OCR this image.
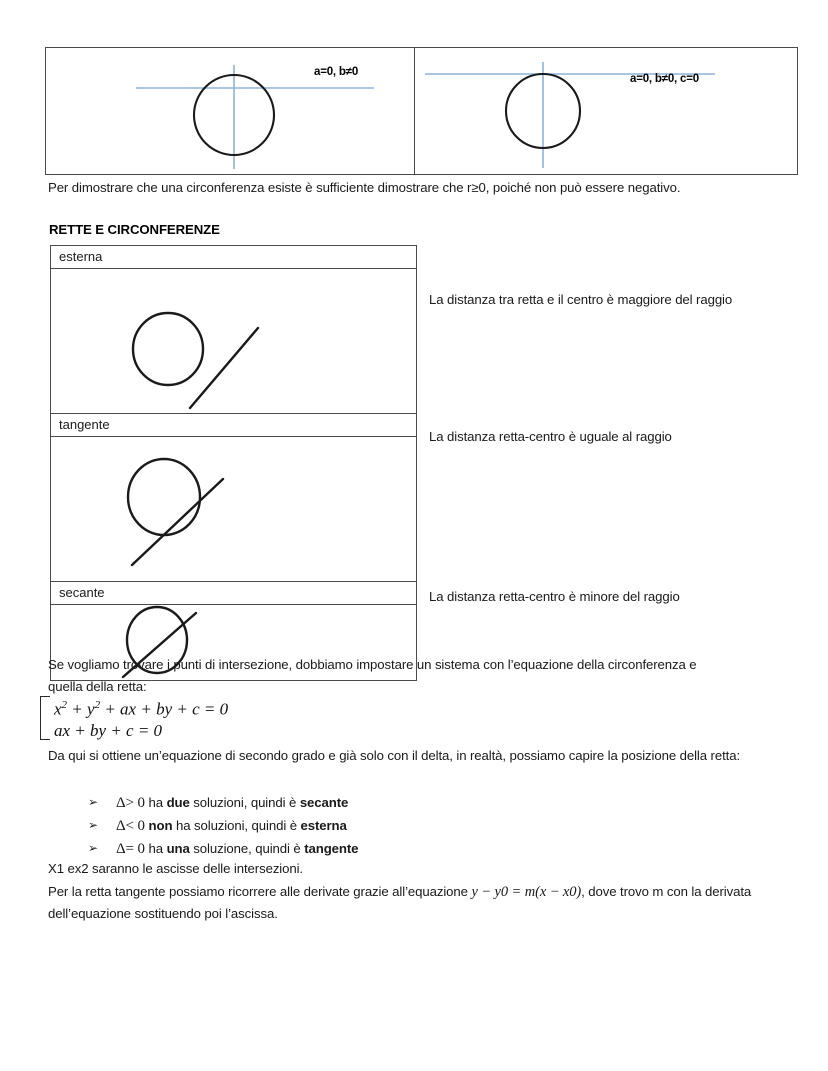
a=0, b≠0
a=0, b≠0, c=0
Per dimostrare che una circonferenza esiste è sufficiente dimostrare che r≥0, poiché non può essere negativo.
RETTE E CIRCONFERENZE
esterna
tangente
secante
La distanza tra retta e il centro è maggiore del raggio
La distanza retta-centro è uguale al raggio
La distanza retta-centro è minore del raggio
Se vogliamo trovare i punti di intersezione, dobbiamo impostare un sistema con l’equazione della circonferenza e quella della retta:
$x^2 + y^2$ + ax + by + c = 0
ax + by + c = 0
Da qui si ottiene un’equazione di secondo grado e già solo con il delta, in realtà, possiamo capire la posizione della retta:
➢ Δ> 0 ha due soluzioni, quindi è secante
➢ Δ< 0 non ha soluzioni, quindi è esterna
➢ Δ= 0 ha una soluzione, quindi è tangente
X1 ex2 saranno le ascisse delle intersezioni.
Per la retta tangente possiamo ricorrere alle derivate grazie all’equazione y − y0 = m(x − x0), dove trovo m con la derivata dell’equazione sostituendo poi l’ascissa.
